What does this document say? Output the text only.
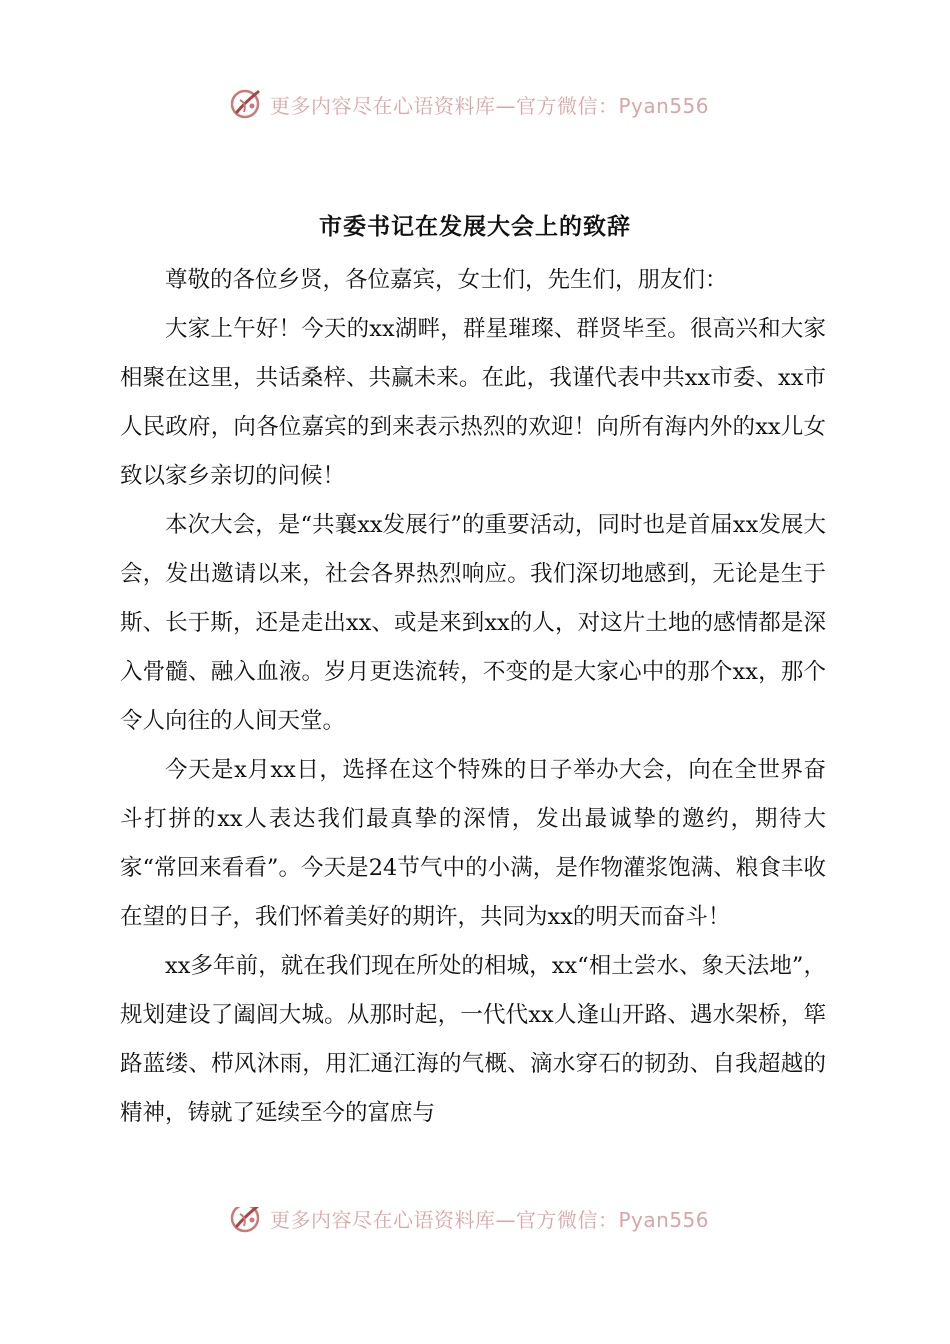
更多内容尽在心语资料库—官方微信：Pyan556
市委书记在发展大会上的致辞

尊敬的各位乡贤，各位嘉宾，女士们，先生们，朋友们：

大家上午好！今天的xx湖畔，群星璀璨、群贤毕至。很高兴和大家相聚在这里，共话桑梓、共赢未来。在此，我谨代表中共xx市委、xx市人民政府，向各位嘉宾的到来表示热烈的欢迎！向所有海内外的xx儿女致以家乡亲切的问候！

本次大会，是“共襄xx发展行”的重要活动，同时也是首届xx发展大会，发出邀请以来，社会各界热烈响应。我们深切地感到，无论是生于斯、长于斯，还是走出xx、或是来到xx的人，对这片土地的感情都是深入骨髓、融入血液。岁月更迭流转，不变的是大家心中的那个xx，那个令人向往的人间天堂。

今天是x月xx日，选择在这个特殊的日子举办大会，向在全世界奋斗打拼的xx人表达我们最真挚的深情，发出最诚挚的邀约，期待大家“常回来看看”。今天是24节气中的小满，是作物灌浆饱满、粮食丰收在望的日子，我们怀着美好的期许，共同为xx的明天而奋斗！

xx多年前，就在我们现在所处的相城，xx“相土尝水、象天法地”，规划建设了阖闾大城。从那时起，一代代xx人逢山开路、遇水架桥，筚路蓝缕、栉风沐雨，用汇通江海的气概、滴水穿石的韧劲、自我超越的精神，铸就了延续至今的富庶与

更多内容尽在心语资料库—官方微信：Pyan556
